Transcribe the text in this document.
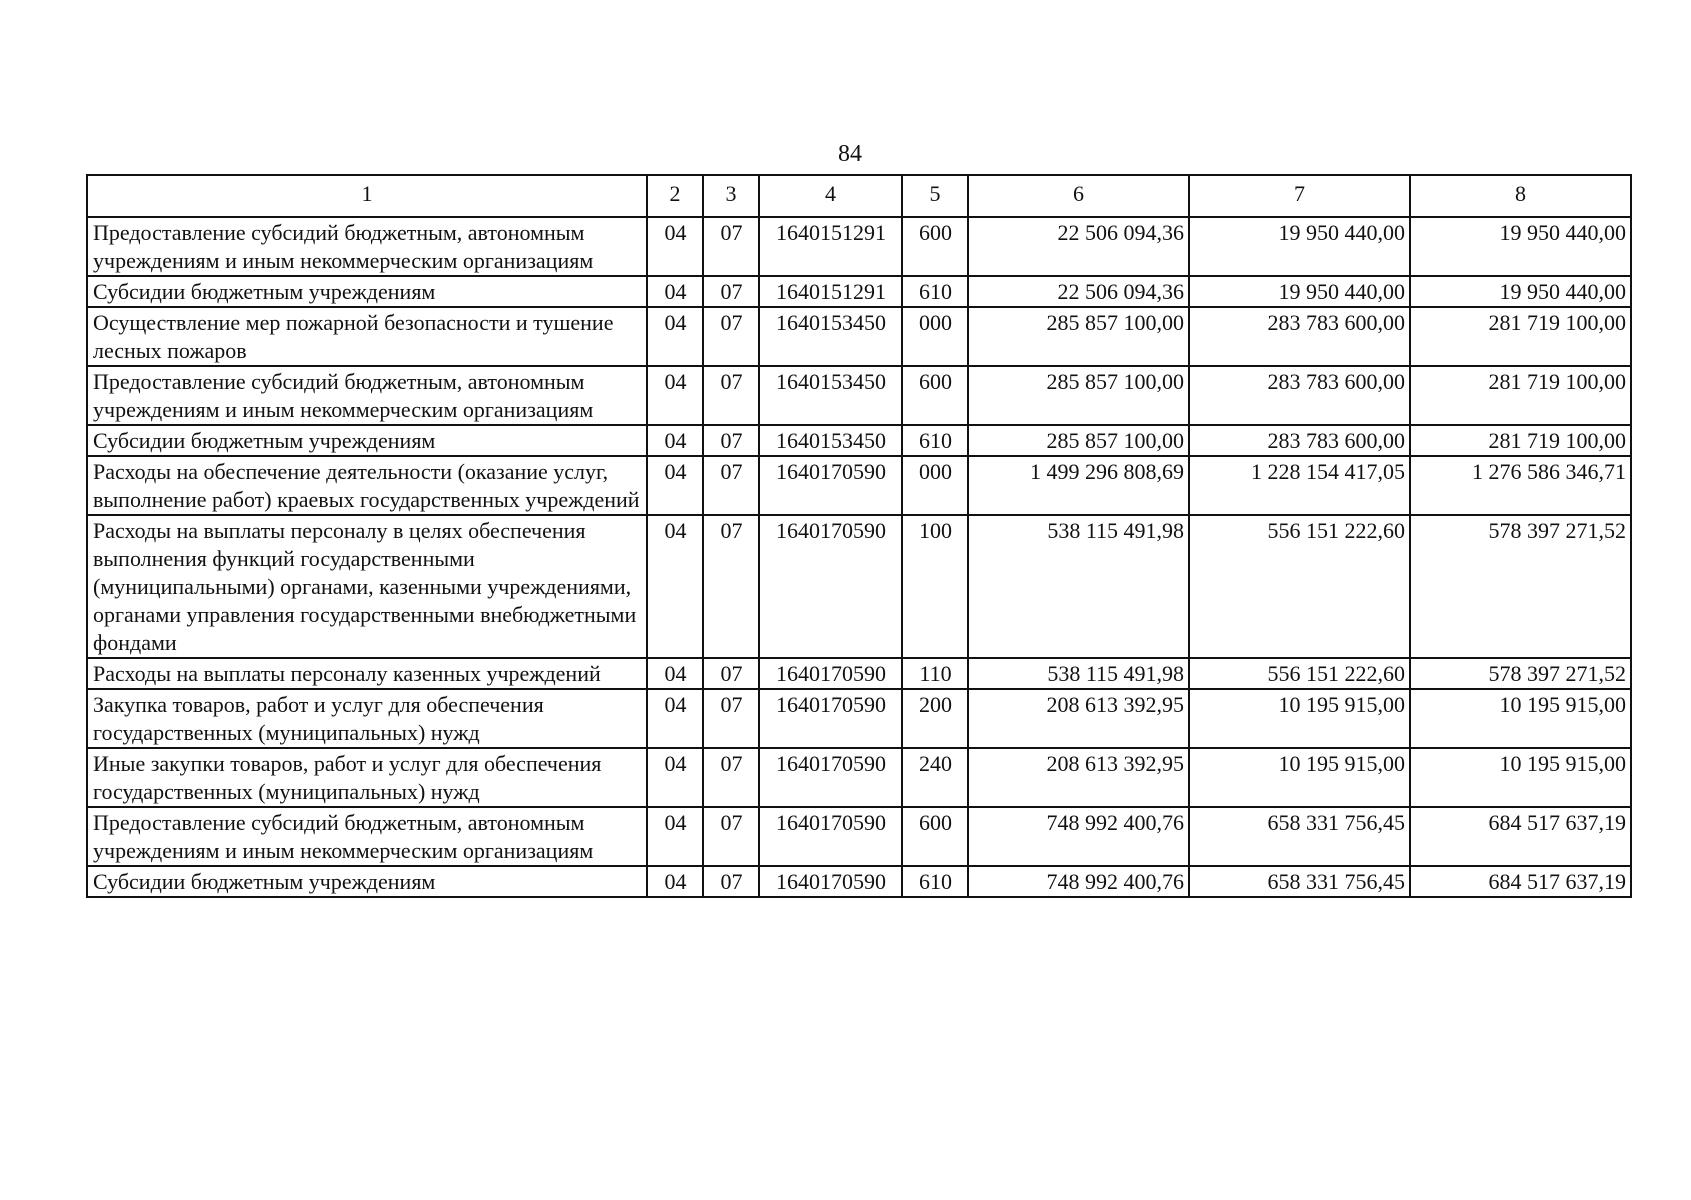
84
1	2	3	4	5	6	7	8
Предоставление субсидий бюджетным, автономным учреждениям и иным некоммерческим организациям	04	07	1640151291	600	22 506 094,36	19 950 440,00	19 950 440,00
Субсидии бюджетным учреждениям	04	07	1640151291	610	22 506 094,36	19 950 440,00	19 950 440,00
Осуществление мер пожарной безопасности и тушение лесных пожаров	04	07	1640153450	000	285 857 100,00	283 783 600,00	281 719 100,00
Предоставление субсидий бюджетным, автономным учреждениям и иным некоммерческим организациям	04	07	1640153450	600	285 857 100,00	283 783 600,00	281 719 100,00
Субсидии бюджетным учреждениям	04	07	1640153450	610	285 857 100,00	283 783 600,00	281 719 100,00
Расходы на обеспечение деятельности (оказание услуг, выполнение работ) краевых государственных учреждений	04	07	1640170590	000	1 499 296 808,69	1 228 154 417,05	1 276 586 346,71
Расходы на выплаты персоналу в целях обеспечения выполнения функций государственными (муниципальными) органами, казенными учреждениями, органами управления государственными внебюджетными фондами	04	07	1640170590	100	538 115 491,98	556 151 222,60	578 397 271,52
Расходы на выплаты персоналу казенных учреждений	04	07	1640170590	110	538 115 491,98	556 151 222,60	578 397 271,52
Закупка товаров, работ и услуг для обеспечения государственных (муниципальных) нужд	04	07	1640170590	200	208 613 392,95	10 195 915,00	10 195 915,00
Иные закупки товаров, работ и услуг для обеспечения государственных (муниципальных) нужд	04	07	1640170590	240	208 613 392,95	10 195 915,00	10 195 915,00
Предоставление субсидий бюджетным, автономным учреждениям и иным некоммерческим организациям	04	07	1640170590	600	748 992 400,76	658 331 756,45	684 517 637,19
Субсидии бюджетным учреждениям	04	07	1640170590	610	748 992 400,76	658 331 756,45	684 517 637,19
